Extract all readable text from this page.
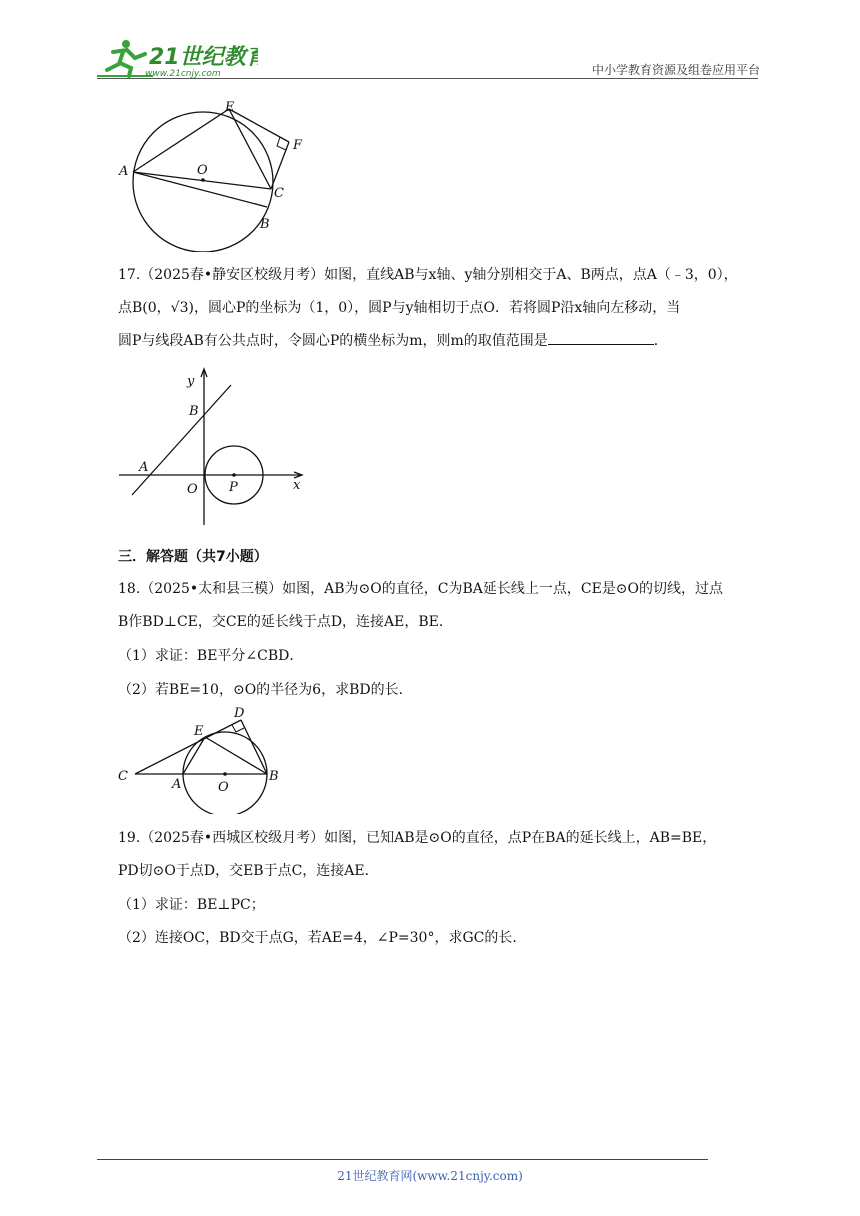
21世纪教育
www.21cnjy.com	中小学教育资源及组卷应用平台
E
F
A	O
C
B
17.（2025春•静安区校级月考）如图，直线AB与x轴、y轴分别相交于A、B两点，点A（﹣3，0），
点B(0，√3)，圆心P的坐标为（1，0），圆P与y轴相切于点O．若将圆P沿x轴向左移动，当
圆P与线段AB有公共点时，令圆心P的横坐标为m，则m的取值范围是	．
y
B
A
O P	x
三．解答题（共7小题）
18.（2025•太和县三模）如图，AB为⊙O的直径，C为BA延长线上一点，CE是⊙O的切线，过点
B作BD⊥CE，交CE的延长线于点D，连接AE，BE．
（1）求证：BE平分∠CBD．
（2）若BE=10，⊙O的半径为6，求BD的长．
E
D
C
A	O
B
19.（2025春•西城区校级月考）如图，已知AB是⊙O的直径，点P在BA的延长线上，AB=BE，
PD切⊙O于点D，交EB于点C，连接AE．
（1）求证：BE⊥PC；
（2）连接OC，BD交于点G，若AE=4，∠P=30°，求GC的长．
21世纪教育网(www.21cnjy.com)
